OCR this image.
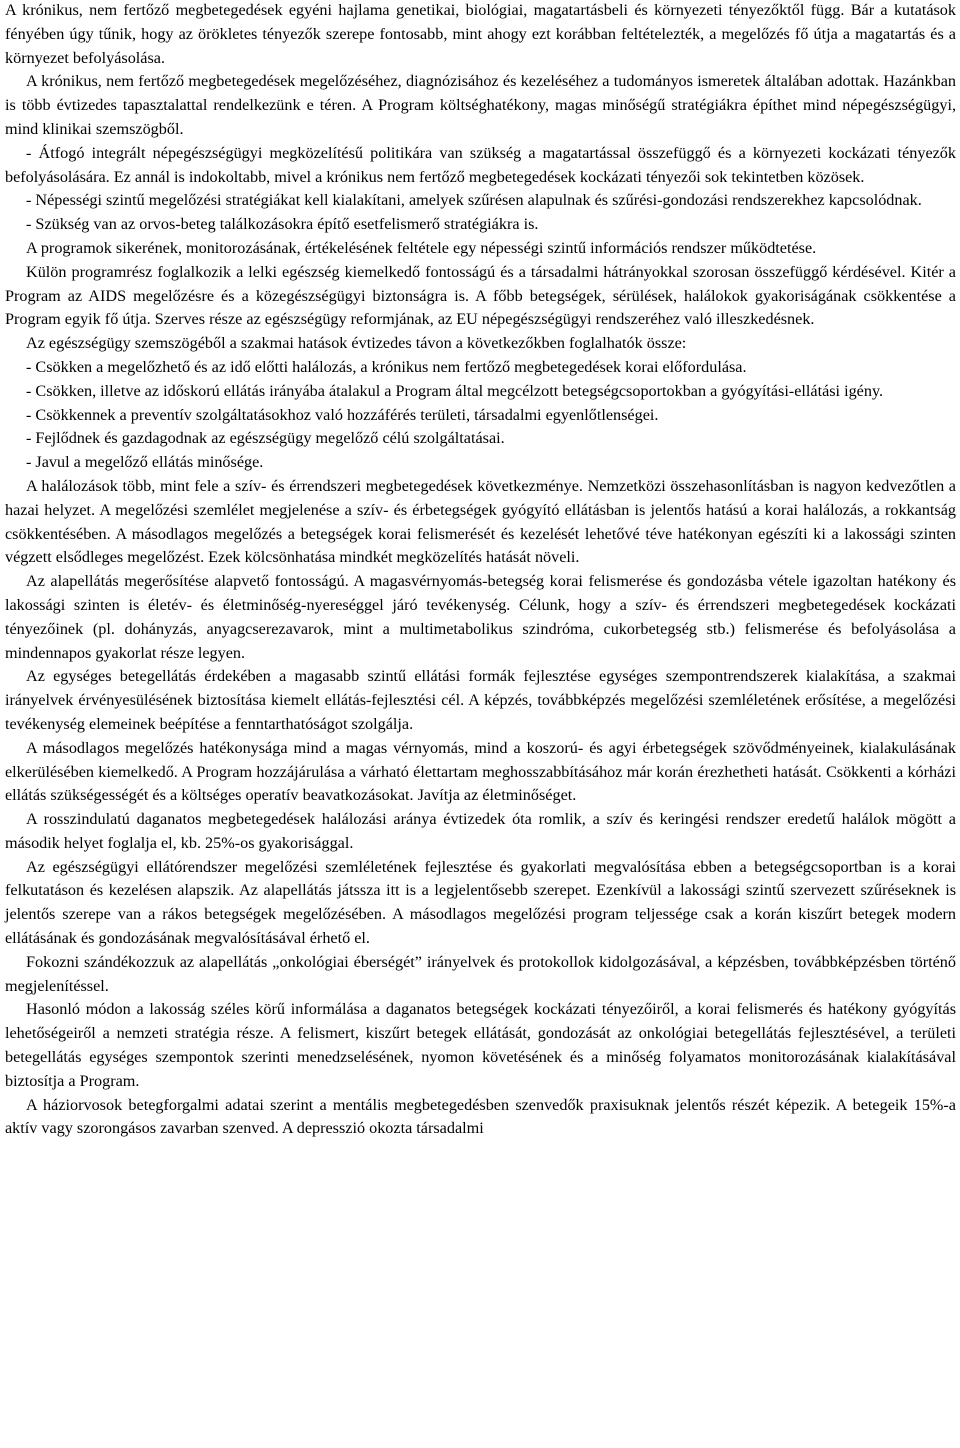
A krónikus, nem fertőző megbetegedések egyéni hajlama genetikai, biológiai, magatartásbeli és környezeti tényezőktől függ. Bár a kutatások fényében úgy tűnik, hogy az örökletes tényezők szerepe fontosabb, mint ahogy ezt korábban feltételezték, a megelőzés fő útja a magatartás és a környezet befolyásolása.

A krónikus, nem fertőző megbetegedések megelőzéséhez, diagnózisához és kezeléséhez a tudományos ismeretek általában adottak. Hazánkban is több évtizedes tapasztalattal rendelkezünk e téren. A Program költséghatékony, magas minőségű stratégiákra építhet mind népegészségügyi, mind klinikai szemszögből.

- Átfogó integrált népegészségügyi megközelítésű politikára van szükség a magatartással összefüggő és a környezeti kockázati tényezők befolyásolására. Ez annál is indokoltabb, mivel a krónikus nem fertőző megbetegedések kockázati tényezői sok tekintetben közösek.

- Népességi szintű megelőzési stratégiákat kell kialakítani, amelyek szűrésen alapulnak és szűrési-gondozási rendszerekhez kapcsolódnak.

- Szükség van az orvos-beteg találkozásokra építő esetfelismerő stratégiákra is.

A programok sikerének, monitorozásának, értékelésének feltétele egy népességi szintű információs rendszer működtetése.

Külön programrész foglalkozik a lelki egészség kiemelkedő fontosságú és a társadalmi hátrányokkal szorosan összefüggő kérdésével. Kitér a Program az AIDS megelőzésre és a közegészségügyi biztonságra is. A főbb betegségek, sérülések, halálokok gyakoriságának csökkentése a Program egyik fő útja. Szerves része az egészségügy reformjának, az EU népegészségügyi rendszeréhez való illeszkedésnek.

Az egészségügy szemszögéből a szakmai hatások évtizedes távon a következőkben foglalhatók össze:

- Csökken a megelőzhető és az idő előtti halálozás, a krónikus nem fertőző megbetegedések korai előfordulása.

- Csökken, illetve az időskorú ellátás irányába átalakul a Program által megcélzott betegségcsoportokban a gyógyítási-ellátási igény.

- Csökkennek a preventív szolgáltatásokhoz való hozzáférés területi, társadalmi egyenlőtlenségei.

- Fejlődnek és gazdagodnak az egészségügy megelőző célú szolgáltatásai.

- Javul a megelőző ellátás minősége.

A halálozások több, mint fele a szív- és érrendszeri megbetegedések következménye. Nemzetközi összehasonlításban is nagyon kedvezőtlen a hazai helyzet. A megelőzési szemlélet megjelenése a szív- és érbetegségek gyógyító ellátásban is jelentős hatású a korai halálozás, a rokkantság csökkentésében. A másodlagos megelőzés a betegségek korai felismerését és kezelését lehetővé téve hatékonyan egészíti ki a lakossági szinten végzett elsődleges megelőzést. Ezek kölcsönhatása mindkét megközelítés hatását növeli.

Az alapellátás megerősítése alapvető fontosságú. A magasvérnyomás-betegség korai felismerése és gondozásba vétele igazoltan hatékony és lakossági szinten is életév- és életminőség-nyereséggel járó tevékenység. Célunk, hogy a szív- és érrendszeri megbetegedések kockázati tényezőinek (pl. dohányzás, anyagcserezavarok, mint a multimetabolikus szindróma, cukorbetegség stb.) felismerése és befolyásolása a mindennapos gyakorlat része legyen.

Az egységes betegellátás érdekében a magasabb szintű ellátási formák fejlesztése egységes szempontrendszerek kialakítása, a szakmai irányelvek érvényesülésének biztosítása kiemelt ellátás-fejlesztési cél. A képzés, továbbképzés megelőzési szemléletének erősítése, a megelőzési tevékenység elemeinek beépítése a fenntarthatóságot szolgálja.

A másodlagos megelőzés hatékonysága mind a magas vérnyomás, mind a koszorú- és agyi érbetegségek szövődményeinek, kialakulásának elkerülésében kiemelkedő. A Program hozzájárulása a várható élettartam meghosszabbításához már korán érezhetheti hatását. Csökkenti a kórházi ellátás szükségességét és a költséges operatív beavatkozásokat. Javítja az életminőséget.

A rosszindulatú daganatos megbetegedések halálozási aránya évtizedek óta romlik, a szív és keringési rendszer eredetű halálok mögött a második helyet foglalja el, kb. 25%-os gyakorisággal.

Az egészségügyi ellátórendszer megelőzési szemléletének fejlesztése és gyakorlati megvalósítása ebben a betegségcsoportban is a korai felkutatáson és kezelésen alapszik. Az alapellátás játssza itt is a legjelentősebb szerepet. Ezenkívül a lakossági szintű szervezett szűréseknek is jelentős szerepe van a rákos betegségek megelőzésében. A másodlagos megelőzési program teljessége csak a korán kiszűrt betegek modern ellátásának és gondozásának megvalósításával érhető el.

Fokozni szándékozzuk az alapellátás „onkológiai éberségét” irányelvek és protokollok kidolgozásával, a képzésben, továbbképzésben történő megjelenítéssel.

Hasonló módon a lakosság széles körű informálása a daganatos betegségek kockázati tényezőiről, a korai felismerés és hatékony gyógyítás lehetőségeiről a nemzeti stratégia része. A felismert, kiszűrt betegek ellátását, gondozását az onkológiai betegellátás fejlesztésével, a területi betegellátás egységes szempontok szerinti menedzselésének, nyomon követésének és a minőség folyamatos monitorozásának kialakításával biztosítja a Program.

A háziorvosok betegforgalmi adatai szerint a mentális megbetegedésben szenvedők praxisuknak jelentős részét képezik. A betegeik 15%-a aktív vagy szorongásos zavarban szenved. A depresszió okozta társadalmi
